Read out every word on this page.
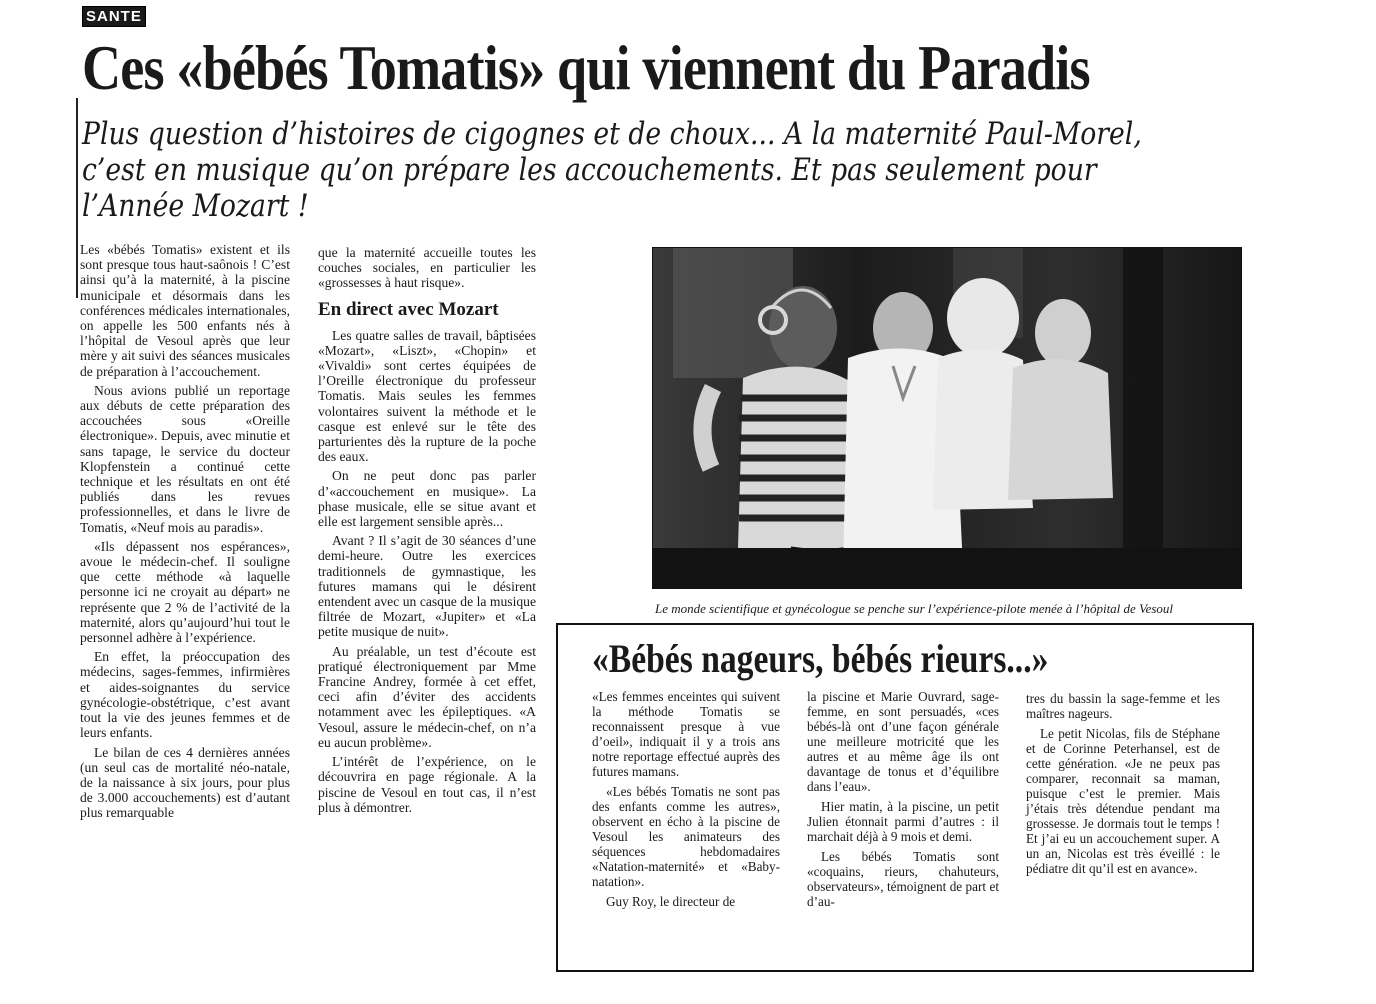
SANTE
Ces «bébés Tomatis» qui viennent du Paradis
Plus question d’histoires de cigognes et de choux... A la maternité Paul-Morel, c’est en musique qu’on prépare les accouchements. Et pas seulement pour l’Année Mozart !

Les «bébés Tomatis» existent et ils sont presque tous haut-saônois ! C’est ainsi qu’à la maternité, à la piscine municipale et désormais dans les conférences médicales internationales, on appelle les 500 enfants nés à l’hôpital de Vesoul après que leur mère y ait suivi des séances musicales de préparation à l’accouchement.

Nous avions publié un reportage aux débuts de cette préparation des accouchées sous «Oreille électronique». Depuis, avec minutie et sans tapage, le service du docteur Klopfenstein a continué cette technique et les résultats en ont été publiés dans les revues professionnelles, et dans le livre de Tomatis, «Neuf mois au paradis».

«Ils dépassent nos espérances», avoue le médecin-chef. Il souligne que cette méthode «à laquelle personne ici ne croyait au départ» ne représente que 2 % de l’activité de la maternité, alors qu’aujourd’hui tout le personnel adhère à l’expérience.

En effet, la préoccupation des médecins, sages-femmes, infirmières et aides-soignantes du service gynécologie-obstétrique, c’est avant tout la vie des jeunes femmes et de leurs enfants.

Le bilan de ces 4 dernières années (un seul cas de mortalité néo-natale, de la naissance à six jours, pour plus de 3.000 accouchements) est d’autant plus remarquable

que la maternité accueille toutes les couches sociales, en particulier les «grossesses à haut risque».

En direct avec Mozart

Les quatre salles de travail, bâptisées «Mozart», «Liszt», «Chopin» et «Vivaldi» sont certes équipées de l’Oreille électronique du professeur Tomatis. Mais seules les femmes volontaires suivent la méthode et le casque est enlevé sur le tête des parturientes dès la rupture de la poche des eaux.

On ne peut donc pas parler d’«accouchement en musique». La phase musicale, elle se situe avant et elle est largement sensible après...

Avant ? Il s’agit de 30 séances d’une demi-heure. Outre les exercices traditionnels de gymnastique, les futures mamans qui le désirent entendent avec un casque de la musique filtrée de Mozart, «Jupiter» et «La petite musique de nuit».

Au préalable, un test d’écoute est pratiqué électroniquement par Mme Francine Andrey, formée à cet effet, ceci afin d’éviter des accidents notamment avec les épileptiques. «A Vesoul, assure le médecin-chef, on n’a eu aucun problème».

L’intérêt de l’expérience, on le découvrira en page régionale. A la piscine de Vesoul en tout cas, il n’est plus à démontrer.

Le monde scientifique et gynécologue se penche sur l’expérience-pilote menée à l’hôpital de Vesoul
«Bébés nageurs, bébés rieurs...»

«Les femmes enceintes qui suivent la méthode Tomatis se reconnaissent presque à vue d’oeil», indiquait il y a trois ans notre reportage effectué auprès des futures mamans.

«Les bébés Tomatis ne sont pas des enfants comme les autres», observent en écho à la piscine de Vesoul les animateurs des séquences hebdomadaires «Natation-maternité» et «Baby-natation».

Guy Roy, le directeur de

la piscine et Marie Ouvrard, sage-femme, en sont persuadés, «ces bébés-là ont d’une façon générale une meilleure motricité que les autres et au même âge ils ont davantage de tonus et d’équilibre dans l’eau».

Hier matin, à la piscine, un petit Julien étonnait parmi d’autres : il marchait déjà à 9 mois et demi.

Les bébés Tomatis sont «coquains, rieurs, chahuteurs, observateurs», témoignent de part et d’au-

tres du bassin la sage-femme et les maîtres nageurs.

Le petit Nicolas, fils de Stéphane et de Corinne Peterhansel, est de cette génération. «Je ne peux pas comparer, reconnait sa maman, puisque c’est le premier. Mais j’étais très détendue pendant ma grossesse. Je dormais tout le temps ! Et j’ai eu un accouchement super. A un an, Nicolas est très éveillé : le pédiatre dit qu’il est en avance».
